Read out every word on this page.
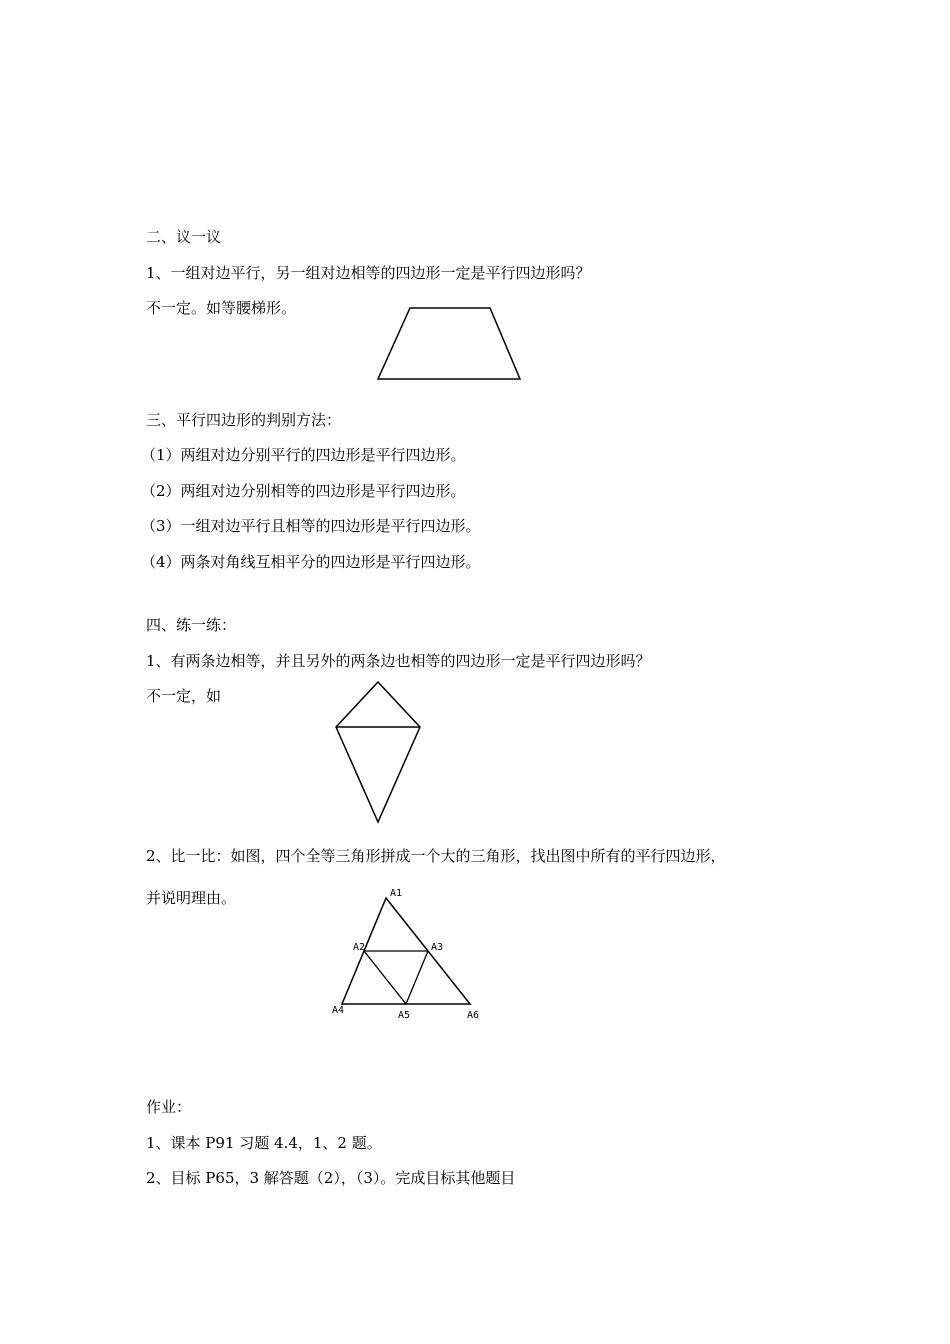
二、议一议
1、一组对边平行，另一组对边相等的四边形一定是平行四边形吗？
不一定。如等腰梯形。
三、平行四边形的判别方法：
（1）两组对边分别平行的四边形是平行四边形。
（2）两组对边分别相等的四边形是平行四边形。
（3）一组对边平行且相等的四边形是平行四边形。
（4）两条对角线互相平分的四边形是平行四边形。
四、练一练：
1、有两条边相等，并且另外的两条边也相等的四边形一定是平行四边形吗？
不一定，如
2、比一比：如图，四个全等三角形拼成一个大的三角形，找出图中所有的平行四边形，
并说明理由。	A1
A2	A3
A4	A5	A6
作业：
1、课本 P91 习题 4.4，1、2 题。
2、目标 P65，3 解答题（2），（3）。完成目标其他题目
